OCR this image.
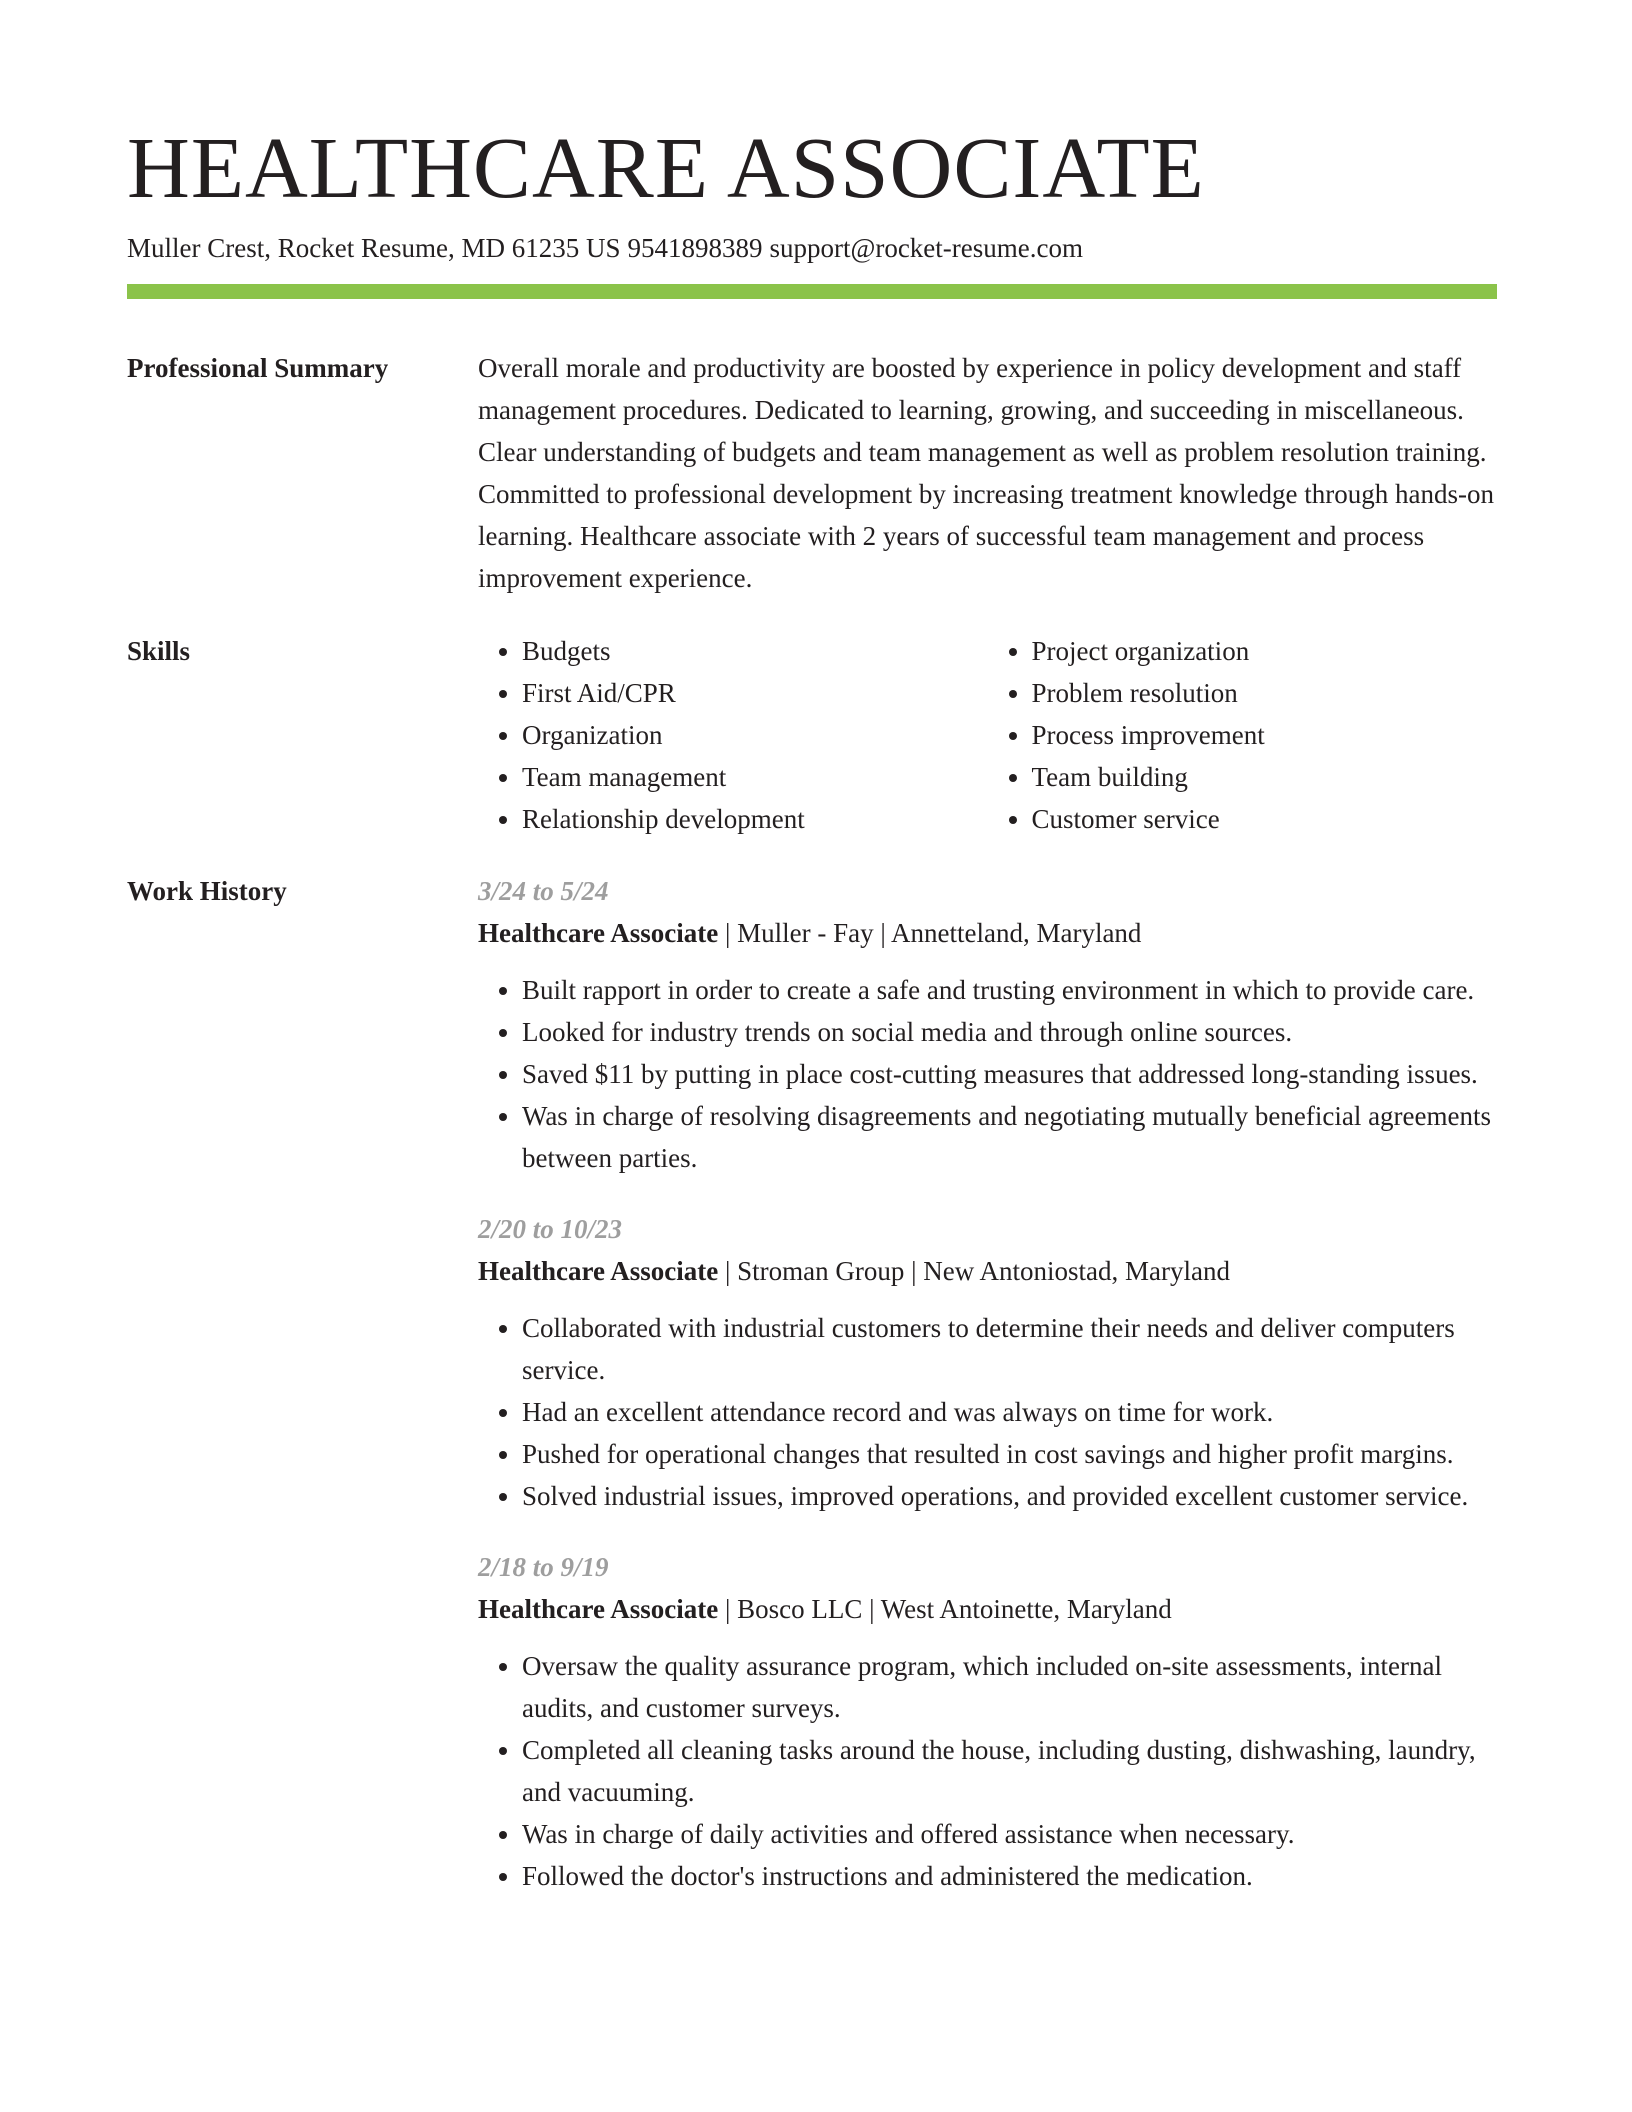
HEALTHCARE ASSOCIATE
Muller Crest, Rocket Resume, MD 61235 US 9541898389 support@rocket-resume.com
Professional Summary	Overall morale and productivity are boosted by experience in policy development and staff management procedures. Dedicated to learning, growing, and succeeding in miscellaneous. Clear understanding of budgets and team management as well as problem resolution training. Committed to professional development by increasing treatment knowledge through hands-on learning. Healthcare associate with 2 years of successful team management and process improvement experience.

Skills
•	Budgets
• First Aid/CPR
• Organization
• Team management
• Relationship development
• Project organization
• Problem resolution
• Process improvement
• Team building
• Customer service
Work History	3/24 to 5/24
Healthcare Associate | Muller - Fay | Annetteland, Maryland
• Built rapport in order to create a safe and trusting environment in which to provide care.
• Looked for industry trends on social media and through online sources.
• Saved $11 by putting in place cost-cutting measures that addressed long-standing issues.
• Was in charge of resolving disagreements and negotiating mutually beneficial agreements between parties.
2/20 to 10/23
Healthcare Associate | Stroman Group | New Antoniostad, Maryland
• Collaborated with industrial customers to determine their needs and deliver computers service.
• Had an excellent attendance record and was always on time for work.
• Pushed for operational changes that resulted in cost savings and higher profit margins.
• Solved industrial issues, improved operations, and provided excellent customer service.
2/18 to 9/19
Healthcare Associate | Bosco LLC | West Antoinette, Maryland
• Oversaw the quality assurance program, which included on-site assessments, internal audits, and customer surveys.
• Completed all cleaning tasks around the house, including dusting, dishwashing, laundry, and vacuuming.
• Was in charge of daily activities and offered assistance when necessary.
• Followed the doctor's instructions and administered the medication.
